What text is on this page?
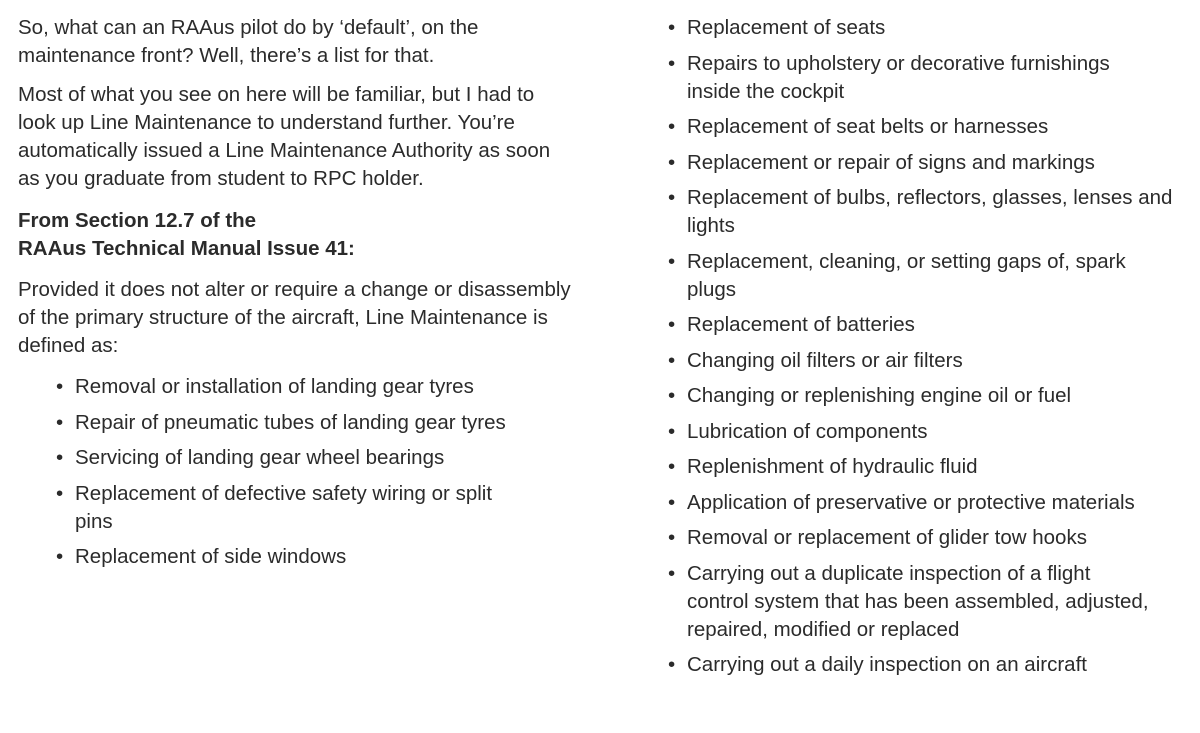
So, what can an RAAus pilot do by ‘default’, on the maintenance front? Well, there’s a list for that.

Most of what you see on here will be familiar, but I had to look up Line Maintenance to understand further. You’re automatically issued a Line Maintenance Authority as soon as you graduate from student to RPC holder.

From Section 12.7 of the
RAAus Technical Manual Issue 41:

Provided it does not alter or require a change or disassembly of the primary structure of the aircraft, Line Maintenance is defined as:

• Removal or installation of landing gear tyres
• Repair of pneumatic tubes of landing gear tyres
• Servicing of landing gear wheel bearings
• Replacement of defective safety wiring or split pins
• Replacement of side windows
• Replacement of seats
• Repairs to upholstery or decorative furnishings inside the cockpit
• Replacement of seat belts or harnesses
• Replacement or repair of signs and markings
• Replacement of bulbs, reflectors, glasses, lenses and lights
• Replacement, cleaning, or setting gaps of, spark plugs
• Replacement of batteries
• Changing oil filters or air filters
• Changing or replenishing engine oil or fuel
• Lubrication of components
• Replenishment of hydraulic fluid
• Application of preservative or protective materials
• Removal or replacement of glider tow hooks
• Carrying out a duplicate inspection of a flight control system that has been assembled, adjusted, repaired, modified or replaced
• Carrying out a daily inspection on an aircraft
